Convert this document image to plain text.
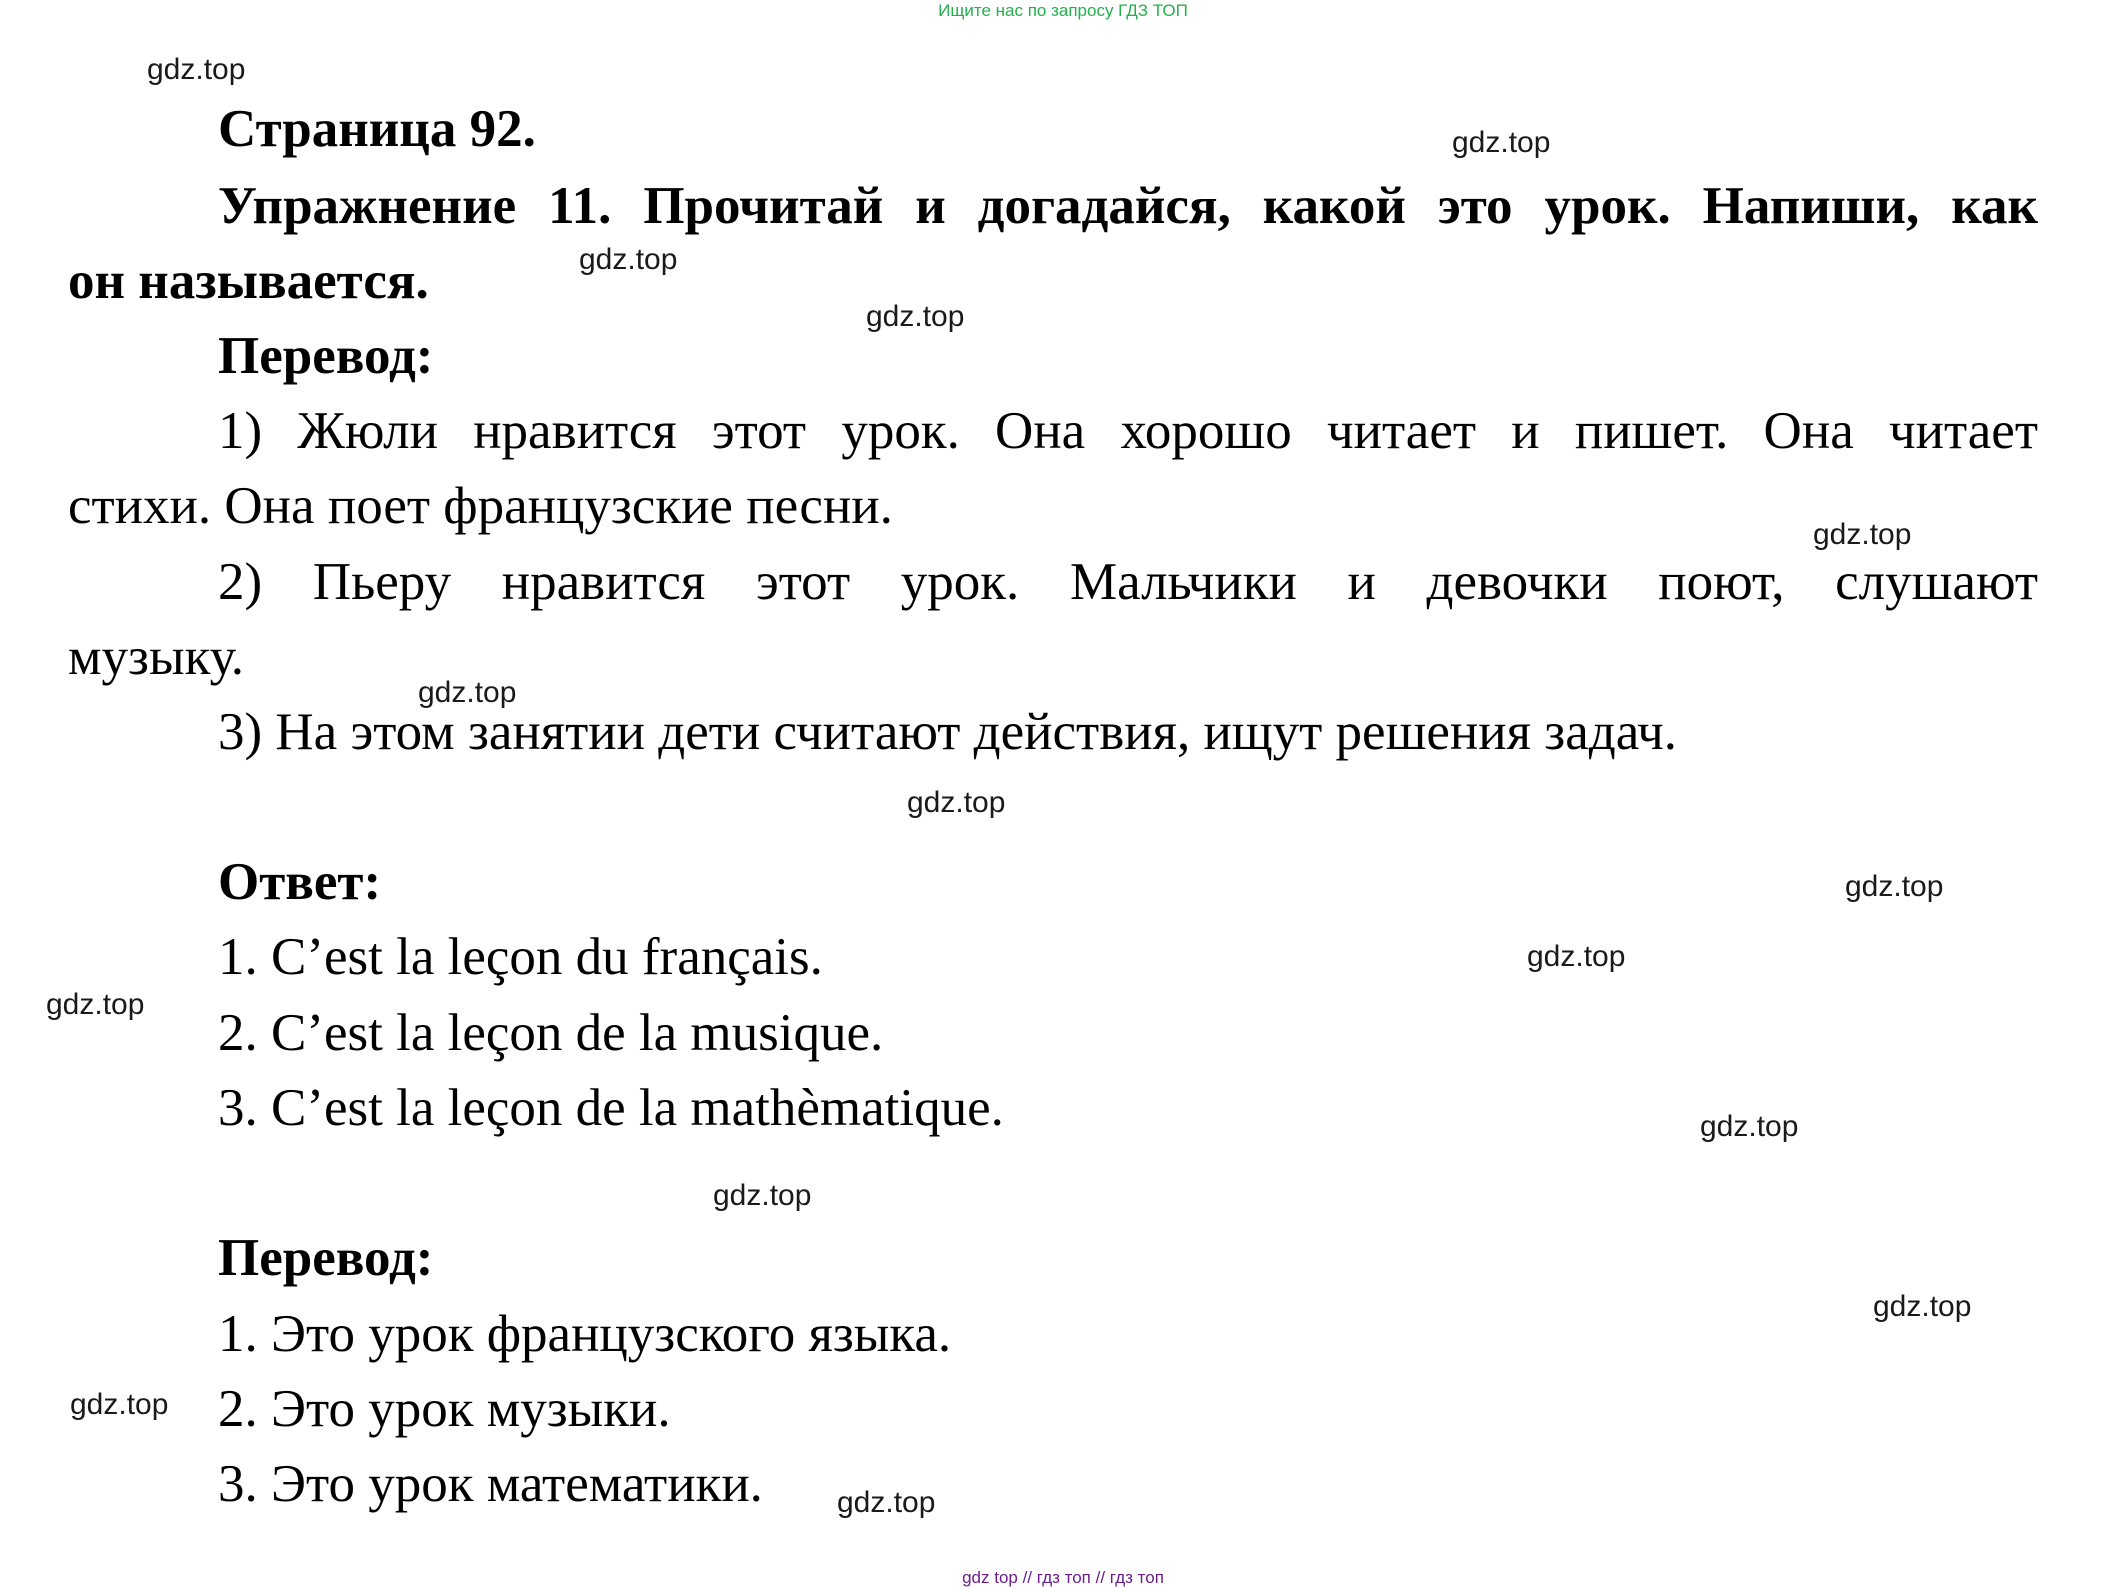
Ищите нас по запросу ГДЗ ТОП
Страница 92.
Упражнение 11. Прочитай и догадайся, какой это урок. Напиши, как
он называется.
Перевод:
1) Жюли нравится этот урок. Она хорошо читает и пишет. Она читает
стихи. Она поет французские песни.
2) Пьеру нравится этот урок. Мальчики и девочки поют, слушают
музыку.
3) На этом занятии дети считают действия, ищут решения задач.
Ответ:
1. C’est la leçon du français.
2. C’est la leçon de la musique.
3. C’est la leçon de la mathèmatique.
Перевод:
1. Это урок французского языка.
2. Это урок музыки.
3. Это урок математики.
gdz.top
gdz.top
gdz.top
gdz.top
gdz.top
gdz.top
gdz.top
gdz.top
gdz.top
gdz.top
gdz.top
gdz.top
gdz.top
gdz.top
gdz.top
gdz top // гдз топ // гдз топ
